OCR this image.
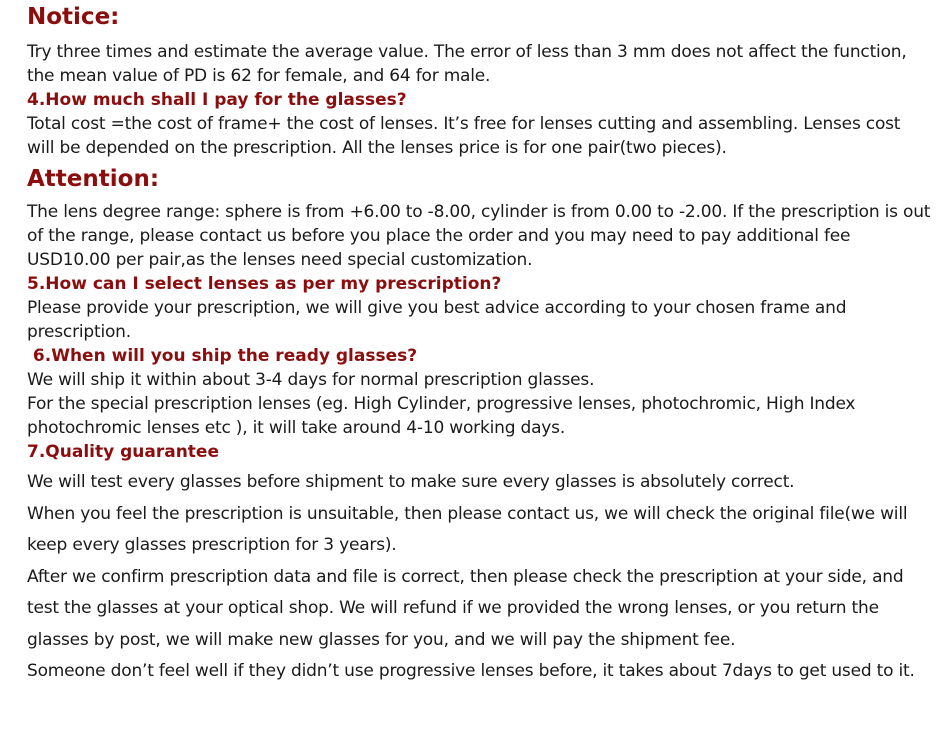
Notice:

Try three times and estimate the average value. The error of less than 3 mm does not affect the function, the mean value of PD is 62 for female, and 64 for male.

4.How much shall I pay for the glasses?

Total cost =the cost of frame+ the cost of lenses. It’s free for lenses cutting and assembling. Lenses cost will be depended on the prescription. All the lenses price is for one pair(two pieces).

Attention:

The lens degree range: sphere is from +6.00 to -8.00, cylinder is from 0.00 to -2.00. If the prescription is out of the range, please contact us before you place the order and you may need to pay additional fee USD10.00 per pair,as the lenses need special customization.

5.How can I select lenses as per my prescription?

Please provide your prescription, we will give you best advice according to your chosen frame and prescription.

6.When will you ship the ready glasses?

We will ship it within about 3-4 days for normal prescription glasses.

For the special prescription lenses (eg. High Cylinder, progressive lenses, photochromic, High Index photochromic lenses etc ), it will take around 4-10 working days.

7.Quality guarantee

We will test every glasses before shipment to make sure every glasses is absolutely correct.

When you feel the prescription is unsuitable, then please contact us, we will check the original file(we will keep every glasses prescription for 3 years).

After we confirm prescription data and file is correct, then please check the prescription at your side, and test the glasses at your optical shop. We will refund if we provided the wrong lenses, or you return the glasses by post, we will make new glasses for you, and we will pay the shipment fee.

Someone don’t feel well if they didn’t use progressive lenses before, it takes about 7days to get used to it.
